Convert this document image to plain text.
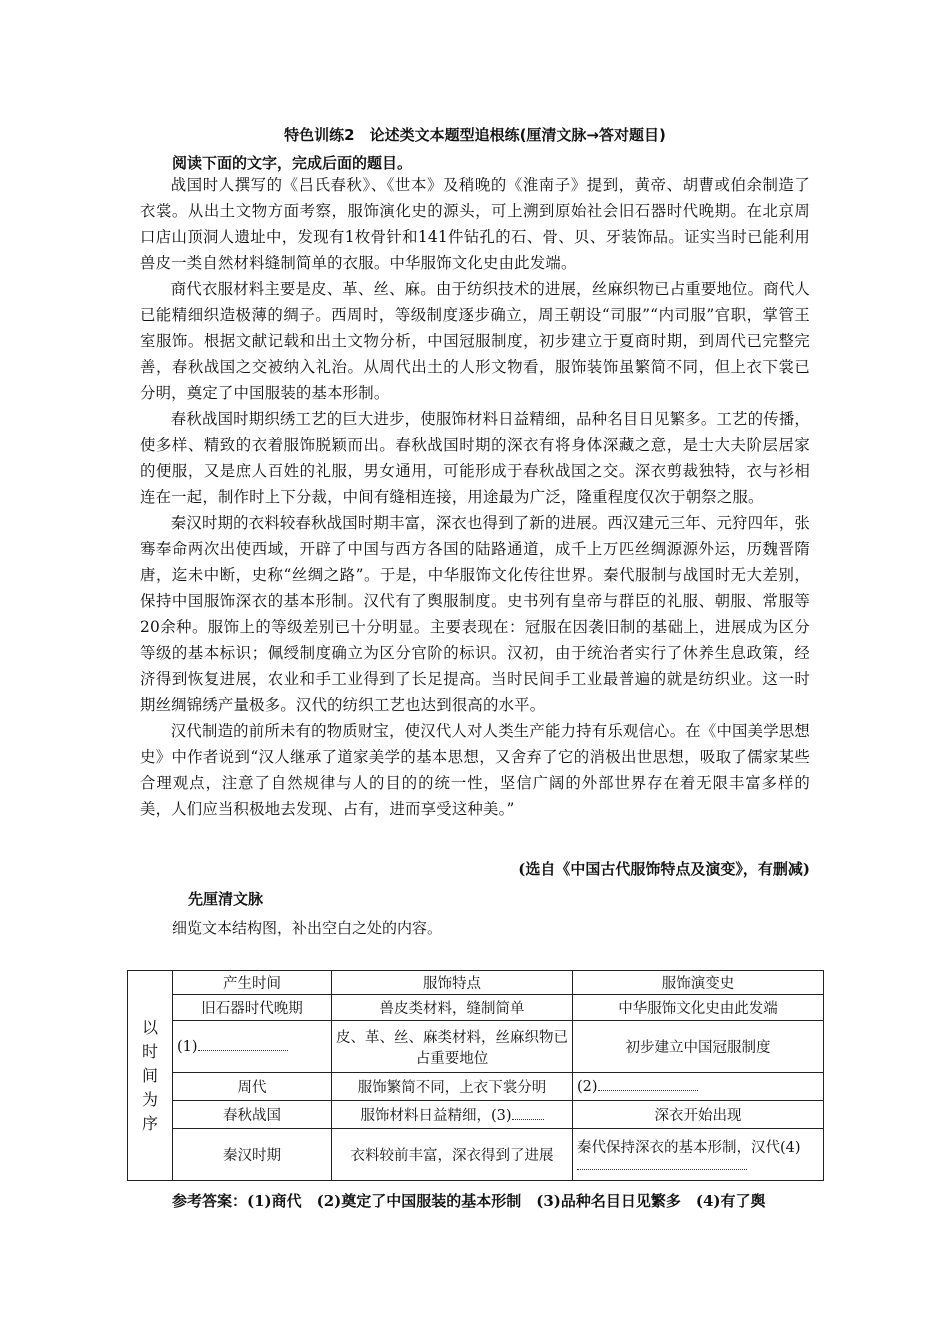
特色训练2　论述类文本题型追根练(厘清文脉→答对题目)
阅读下面的文字，完成后面的题目。

战国时人撰写的《吕氏春秋》、《世本》及稍晚的《淮南子》提到，黄帝、胡曹或伯余制造了衣裳。从出土文物方面考察，服饰演化史的源头，可上溯到原始社会旧石器时代晚期。在北京周口店山顶洞人遗址中，发现有1枚骨针和141件钻孔的石、骨、贝、牙装饰品。证实当时已能利用兽皮一类自然材料缝制简单的衣服。中华服饰文化史由此发端。

商代衣服材料主要是皮、革、丝、麻。由于纺织技术的进展，丝麻织物已占重要地位。商代人已能精细织造极薄的绸子。西周时，等级制度逐步确立，周王朝设“司服”“内司服”官职，掌管王室服饰。根据文献记载和出土文物分析，中国冠服制度，初步建立于夏商时期，到周代已完整完善，春秋战国之交被纳入礼治。从周代出土的人形文物看，服饰装饰虽繁简不同，但上衣下裳已分明，奠定了中国服装的基本形制。

春秋战国时期织绣工艺的巨大进步，使服饰材料日益精细，品种名目日见繁多。工艺的传播，使多样、精致的衣着服饰脱颖而出。春秋战国时期的深衣有将身体深藏之意，是士大夫阶层居家的便服，又是庶人百姓的礼服，男女通用，可能形成于春秋战国之交。深衣剪裁独特，衣与衫相连在一起，制作时上下分裁，中间有缝相连接，用途最为广泛，隆重程度仅次于朝祭之服。

秦汉时期的衣料较春秋战国时期丰富，深衣也得到了新的进展。西汉建元三年、元狩四年，张骞奉命两次出使西域，开辟了中国与西方各国的陆路通道，成千上万匹丝绸源源外运，历魏晋隋唐，迄未中断，史称“丝绸之路”。于是，中华服饰文化传往世界。秦代服制与战国时无大差别，保持中国服饰深衣的基本形制。汉代有了舆服制度。史书列有皇帝与群臣的礼服、朝服、常服等20余种。服饰上的等级差别已十分明显。主要表现在：冠服在因袭旧制的基础上，进展成为区分等级的基本标识；佩绶制度确立为区分官阶的标识。汉初，由于统治者实行了休养生息政策，经济得到恢复进展，农业和手工业得到了长足提高。当时民间手工业最普遍的就是纺织业。这一时期丝绸锦绣产量极多。汉代的纺织工艺也达到很高的水平。

汉代制造的前所未有的物质财宝，使汉代人对人类生产能力持有乐观信心。在《中国美学思想史》中作者说到“汉人继承了道家美学的基本思想，又舍弃了它的消极出世思想，吸取了儒家某些合理观点，注意了自然规律与人的目的的统一性，坚信广阔的外部世界存在着无限丰富多样的美，人们应当积极地去发现、占有，进而享受这种美。”

(选自《中国古代服饰特点及演变》，有删减)
先厘清文脉
细览文本结构图，补出空白之处的内容。
以时间为序	产生时间	服饰特点	服饰演变史
	旧石器时代晚期	兽皮类材料，缝制简单	中华服饰文化史由此发端
	(1)	皮、革、丝、麻类材料，丝麻织物已占重要地位	初步建立中国冠服制度
	周代	服饰繁简不同，上衣下裳分明	(2)
	春秋战国	服饰材料日益精细，(3)	深衣开始出现
	秦汉时期	衣料较前丰富，深衣得到了进展	秦代保持深衣的基本形制，汉代(4)
参考答案：(1)商代　(2)奠定了中国服装的基本形制　(3)品种名目日见繁多　(4)有了舆
